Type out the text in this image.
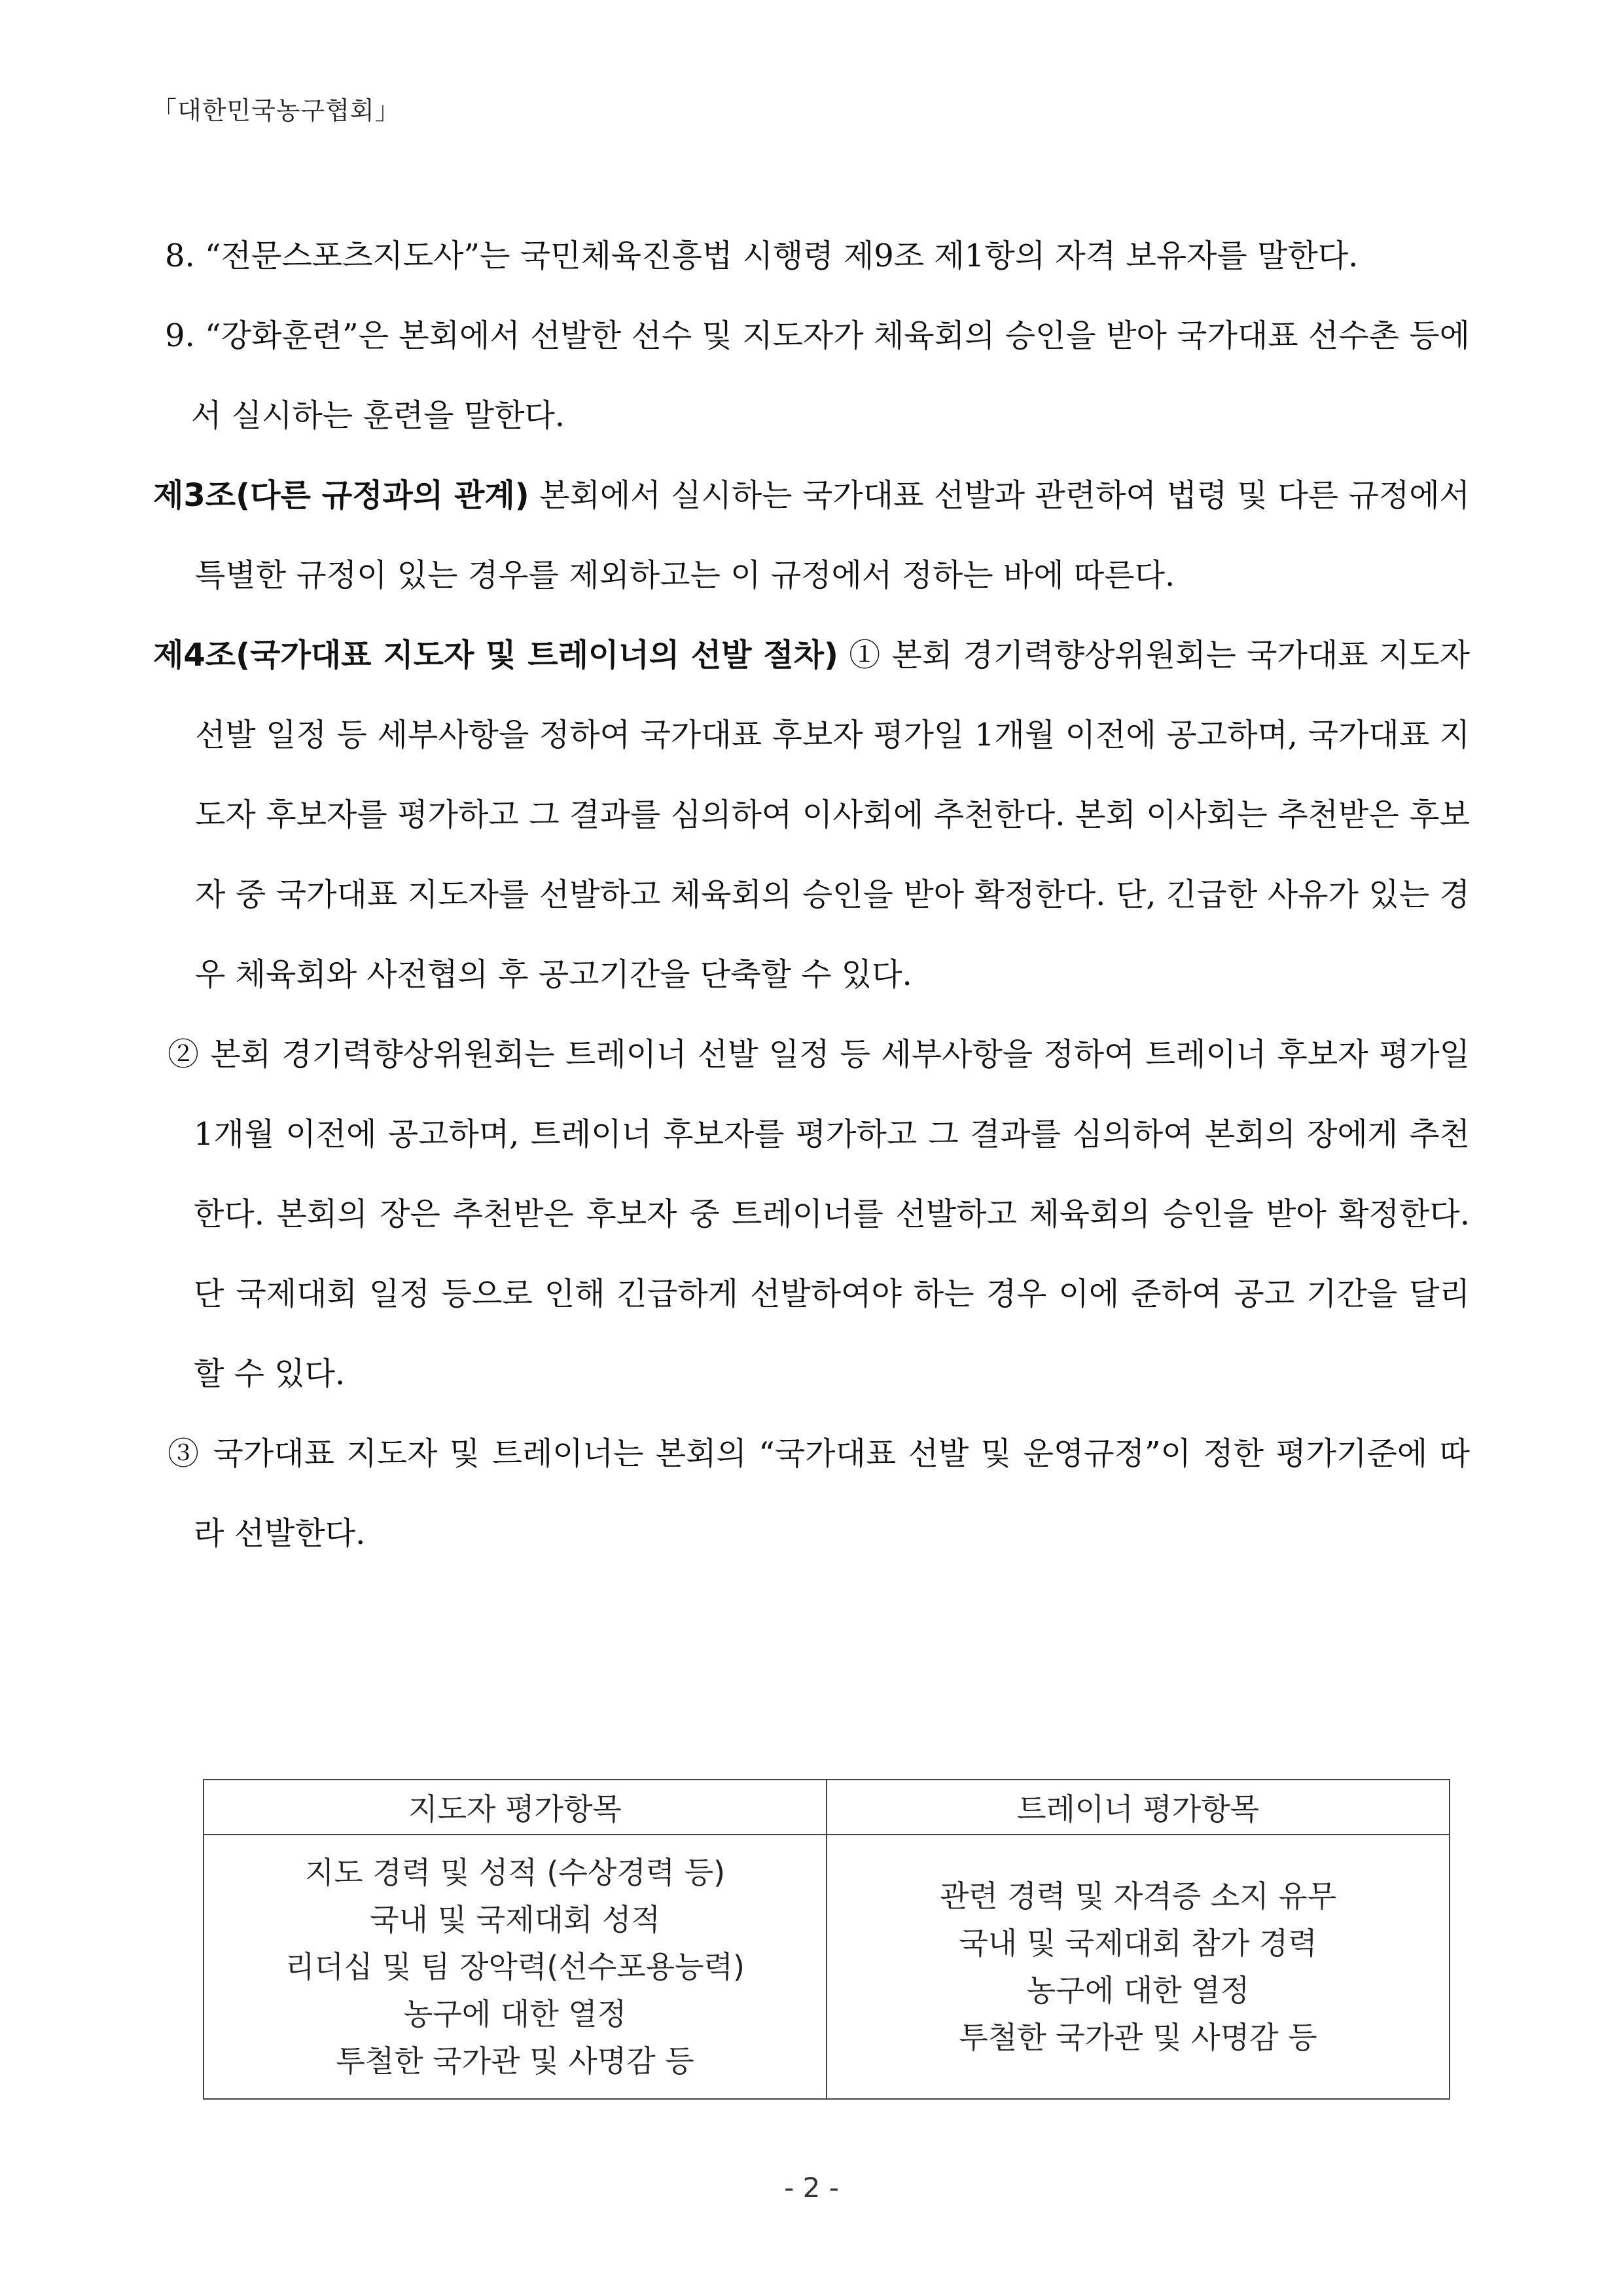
「대한민국농구협회」

8. “전문스포츠지도사”는 국민체육진흥법 시행령 제9조 제1항의 자격 보유자를 말한다.

9. “강화훈련”은 본회에서 선발한 선수 및 지도자가 체육회의 승인을 받아 국가대표 선수촌 등에서 실시하는 훈련을 말한다.

제3조(다른 규정과의 관계) 본회에서 실시하는 국가대표 선발과 관련하여 법령 및 다른 규정에서 특별한 규정이 있는 경우를 제외하고는 이 규정에서 정하는 바에 따른다.

제4조(국가대표 지도자 및 트레이너의 선발 절차) ① 본회 경기력향상위원회는 국가대표 지도자 선발 일정 등 세부사항을 정하여 국가대표 후보자 평가일 1개월 이전에 공고하며, 국가대표 지도자 후보자를 평가하고 그 결과를 심의하여 이사회에 추천한다. 본회 이사회는 추천받은 후보자 중 국가대표 지도자를 선발하고 체육회의 승인을 받아 확정한다. 단, 긴급한 사유가 있는 경우 체육회와 사전협의 후 공고기간을 단축할 수 있다.

② 본회 경기력향상위원회는 트레이너 선발 일정 등 세부사항을 정하여 트레이너 후보자 평가일 1개월 이전에 공고하며, 트레이너 후보자를 평가하고 그 결과를 심의하여 본회의 장에게 추천한다. 본회의 장은 추천받은 후보자 중 트레이너를 선발하고 체육회의 승인을 받아 확정한다. 단 국제대회 일정 등으로 인해 긴급하게 선발하여야 하는 경우 이에 준하여 공고 기간을 달리 할 수 있다.

③ 국가대표 지도자 및 트레이너는 본회의 “국가대표 선발 및 운영규정”이 정한 평가기준에 따라 선발한다.

지도자 평가항목	트레이너 평가항목

지도 경력 및 성적 (수상경력 등)
국내 및 국제대회 성적
리더십 및 팀 장악력(선수포용능력)
농구에 대한 열정
투철한 국가관 및 사명감 등	관련 경력 및 자격증 소지 유무
국내 및 국제대회 참가 경력
농구에 대한 열정
투철한 국가관 및 사명감 등
- 2 -
